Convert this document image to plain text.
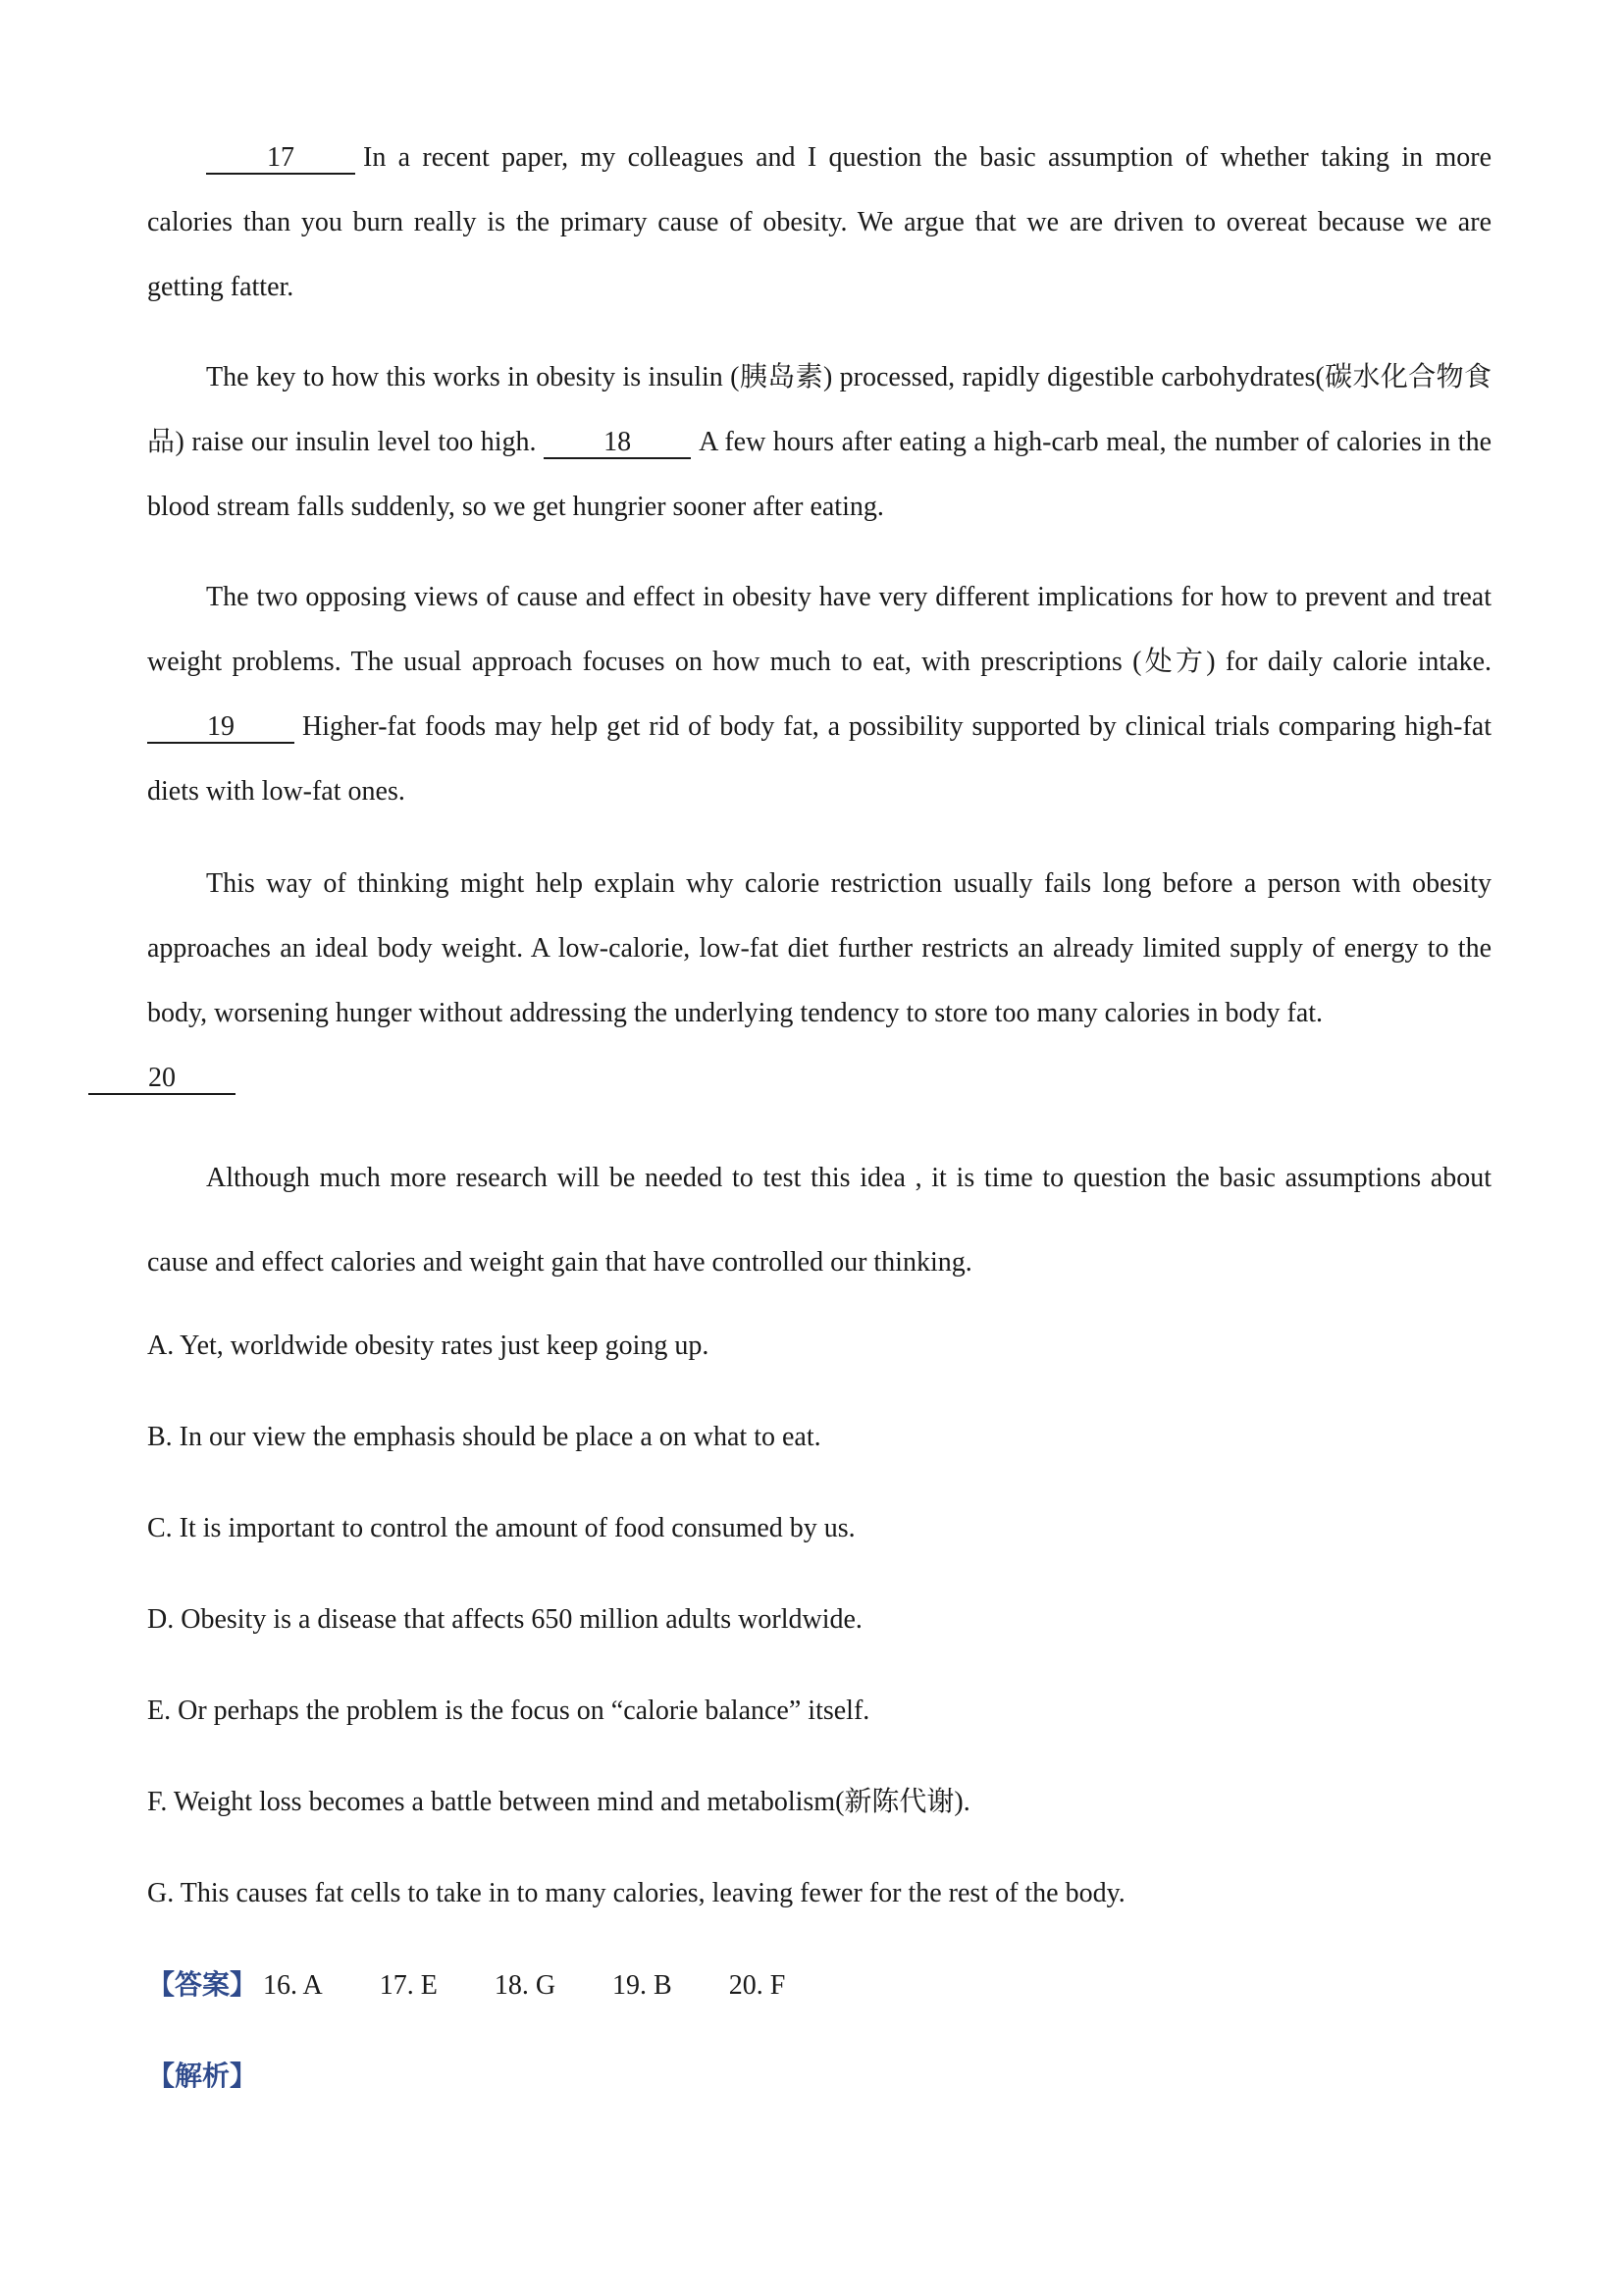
17	In a recent paper, my colleagues and I question the basic assumption of whether taking in more calories than you burn really is the primary cause of obesity. We argue that we are driven to overeat because we are getting fatter.

The key to how this works in obesity is insulin (胰岛素) processed, rapidly digestible carbohydrates(碳水化合物食品) raise our insulin level too high. 18 A few hours after eating a high-carb meal, the number of calories in the blood stream falls suddenly, so we get hungrier sooner after eating.

The two opposing views of cause and effect in obesity have very different implications for how to prevent and treat weight problems. The usual approach focuses on how much to eat, with prescriptions (处方) for daily calorie intake. 19 Higher-fat foods may help get rid of body fat, a possibility supported by clinical trials comparing high-fat diets with low-fat ones.

This way of thinking might help explain why calorie restriction usually fails long before a person with obesity approaches an ideal body weight. A low-calorie, low-fat diet further restricts an already limited supply of energy to the body, worsening hunger without addressing the underlying tendency to store too many calories in body fat.
20

Although much more research will be needed to test this idea , it is time to question the basic assumptions about cause and effect calories and weight gain that have controlled our thinking.

A. Yet, worldwide obesity rates just keep going up.

B. In our view the emphasis should be place a on what to eat.

C. It is important to control the amount of food consumed by us.

D. Obesity is a disease that affects 650 million adults worldwide.

E. Or perhaps the problem is the focus on “calorie balance” itself.

F. Weight loss becomes a battle between mind and metabolism(新陈代谢).

G. This causes fat cells to take in to many calories, leaving fewer for the rest of the body.

【答案】 16. A 17. E 18. G 19. B 20. F
【解析】
